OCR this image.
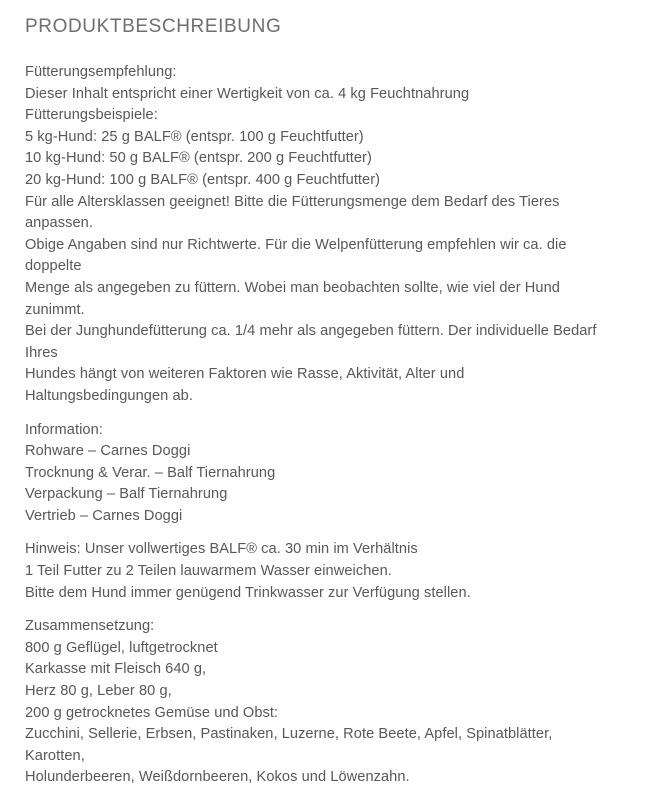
PRODUKTBESCHREIBUNG

Fütterungsempfehlung:
Dieser Inhalt entspricht einer Wertigkeit von ca. 4 kg Feuchtnahrung
Fütterungsbeispiele:
5 kg-Hund: 25 g BALF® (entspr. 100 g Feuchtfutter)
10 kg-Hund: 50 g BALF® (entspr. 200 g Feuchtfutter)
20 kg-Hund: 100 g BALF® (entspr. 400 g Feuchtfutter)
Für alle Altersklassen geeignet! Bitte die Fütterungsmenge dem Bedarf des Tieres anpassen.
Obige Angaben sind nur Richtwerte. Für die Welpenfütterung empfehlen wir ca. die doppelte
Menge als angegeben zu füttern. Wobei man beobachten sollte, wie viel der Hund zunimmt.
Bei der Junghundefütterung ca. 1/4 mehr als angegeben füttern. Der individuelle Bedarf Ihres
Hundes hängt von weiteren Faktoren wie Rasse, Aktivität, Alter und Haltungsbedingungen ab.

Information:
Rohware – Carnes Doggi
Trocknung & Verar. – Balf Tiernahrung
Verpackung – Balf Tiernahrung
Vertrieb – Carnes Doggi

Hinweis: Unser vollwertiges BALF® ca. 30 min im Verhältnis
1 Teil Futter zu 2 Teilen lauwarmem Wasser einweichen.
Bitte dem Hund immer genügend Trinkwasser zur Verfügung stellen.

Zusammensetzung:
800 g Geflügel, luftgetrocknet
Karkasse mit Fleisch 640 g,
Herz 80 g, Leber 80 g,
200 g getrocknetes Gemüse und Obst:
Zucchini, Sellerie, Erbsen, Pastinaken, Luzerne, Rote Beete, Apfel, Spinatblätter, Karotten,
Holunderbeeren, Weißdornbeeren, Kokos und Löwenzahn.
